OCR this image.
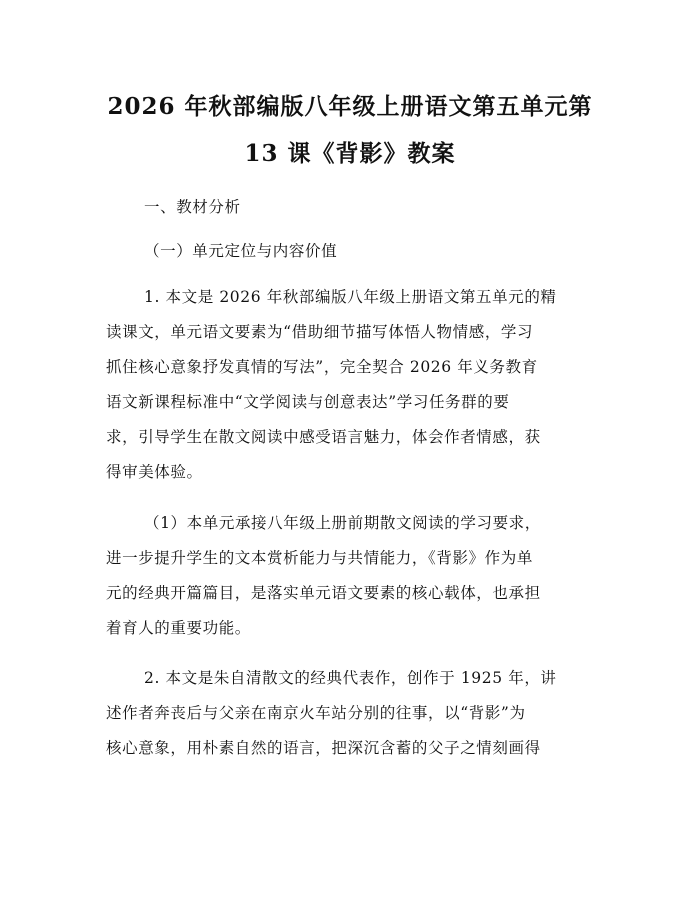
2026 年秋部编版八年级上册语文第五单元第
13 课《背影》教案

一、教材分析

（一）单元定位与内容价值

1. 本文是 2026 年秋部编版八年级上册语文第五单元的精

读课文，单元语文要素为“借助细节描写体悟人物情感，学习

抓住核心意象抒发真情的写法”，完全契合 2026 年义务教育

语文新课程标准中“文学阅读与创意表达”学习任务群的要

求，引导学生在散文阅读中感受语言魅力，体会作者情感，获

得审美体验。

（1）本单元承接八年级上册前期散文阅读的学习要求，

进一步提升学生的文本赏析能力与共情能力，《背影》作为单

元的经典开篇篇目，是落实单元语文要素的核心载体，也承担

着育人的重要功能。

2. 本文是朱自清散文的经典代表作，创作于 1925 年，讲

述作者奔丧后与父亲在南京火车站分别的往事，以“背影”为

核心意象，用朴素自然的语言，把深沉含蓄的父子之情刻画得
